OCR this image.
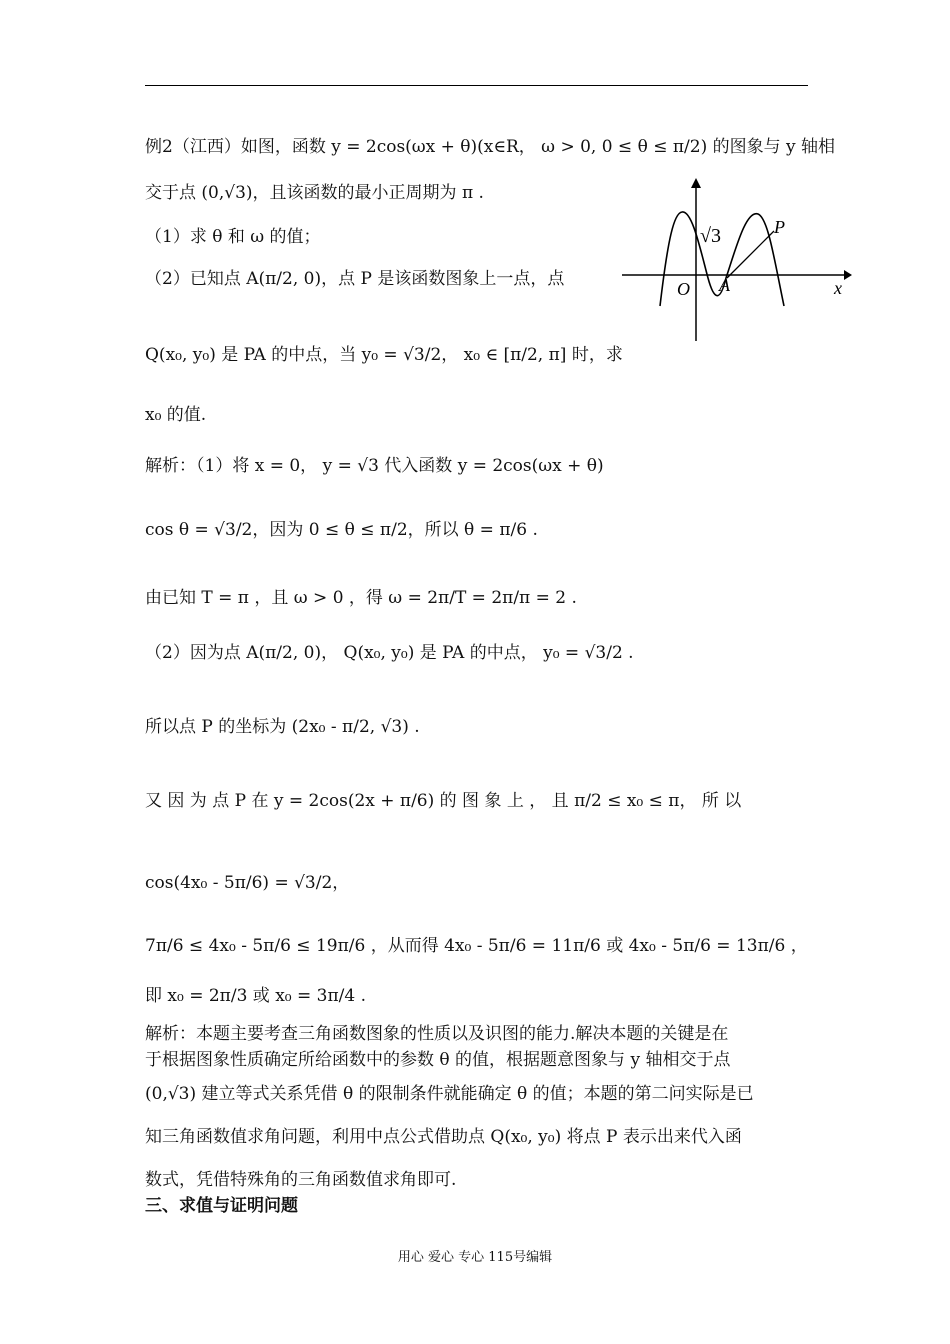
例2（江西）如图，函数 y = 2cos(ωx + θ)(x∈R， ω > 0, 0 ≤ θ ≤ π/2) 的图象与 y 轴相
交于点 (0,√3)，且该函数的最小正周期为 π .
（1）求 θ 和 ω 的值；
（2）已知点 A(π/2, 0)，点 P 是该函数图象上一点，点
Q(x₀, y₀) 是 PA 的中点，当 y₀ = √3/2， x₀ ∈ [π/2, π] 时，求
x₀ 的值.
解析：（1）将 x = 0， y = √3 代入函数 y = 2cos(ωx + θ)
cos θ = √3/2，因为 0 ≤ θ ≤ π/2，所以 θ = π/6 .
由已知 T = π ，且 ω > 0 ，得 ω = 2π/T = 2π/π = 2 .
（2）因为点 A(π/2, 0)， Q(x₀, y₀) 是 PA 的中点， y₀ = √3/2 .
所以点 P 的坐标为 (2x₀ - π/2, √3) .
又 因 为 点 P 在 y = 2cos(2x + π/6) 的 图 象 上 ， 且 π/2 ≤ x₀ ≤ π， 所 以
cos(4x₀ - 5π/6) = √3/2，
7π/6 ≤ 4x₀ - 5π/6 ≤ 19π/6 ，从而得 4x₀ - 5π/6 = 11π/6 或 4x₀ - 5π/6 = 13π/6 ，
即 x₀ = 2π/3 或 x₀ = 3π/4 .
解析：本题主要考查三角函数图象的性质以及识图的能力.解决本题的关键是在
于根据图象性质确定所给函数中的参数 θ 的值，根据题意图象与 y 轴相交于点
(0,√3) 建立等式关系凭借 θ 的限制条件就能确定 θ 的值；本题的第二问实际是已
知三角函数值求角问题，利用中点公式借助点 Q(x₀, y₀) 将点 P 表示出来代入函
数式，凭借特殊角的三角函数值求角即可.
三、求值与证明问题
√3	P
O A	x
用心 爱心 专心 115号编辑
